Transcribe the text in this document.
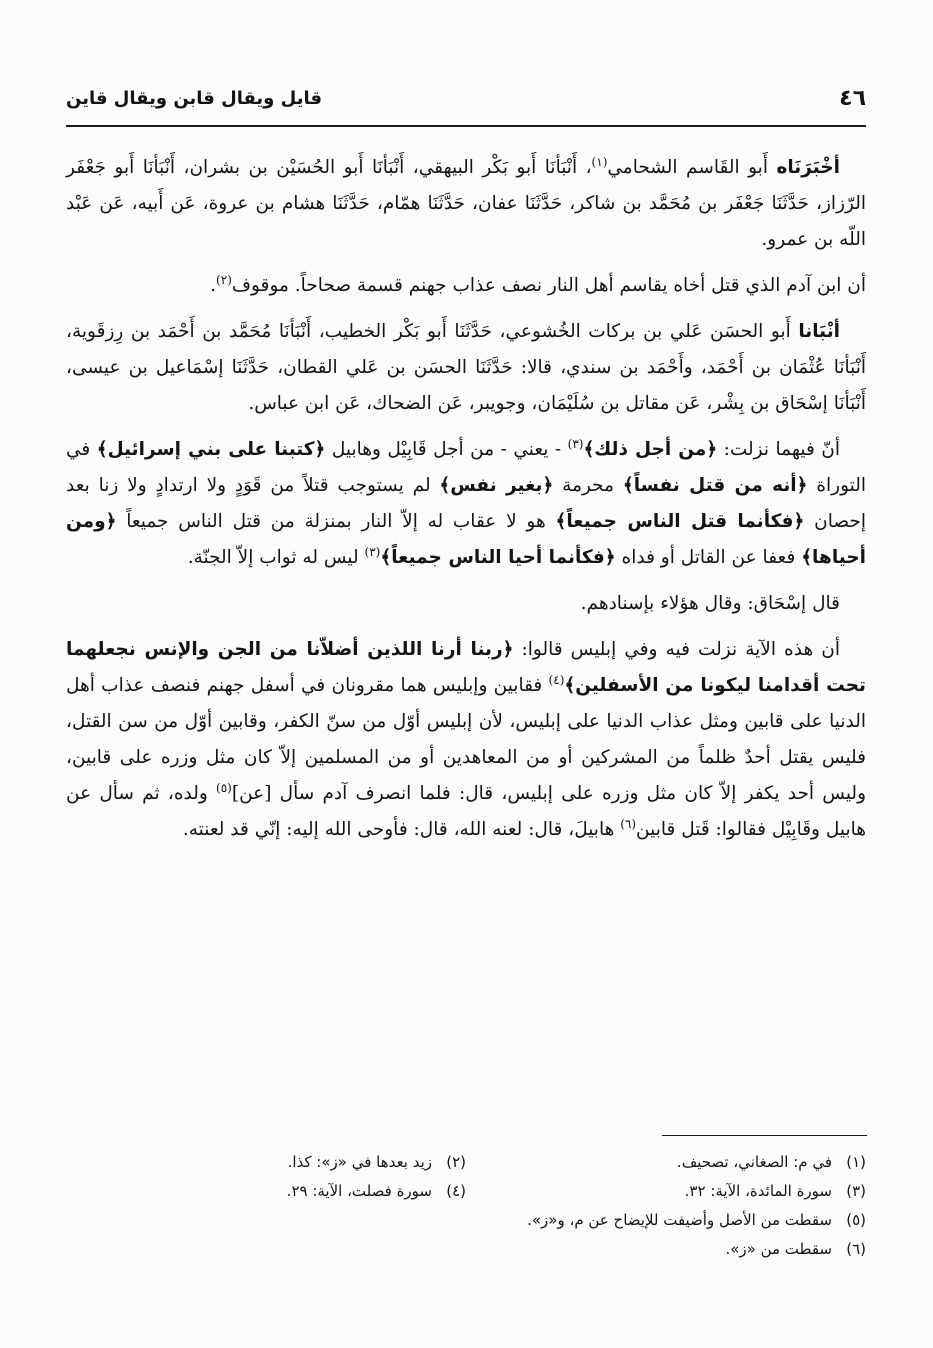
٤٦
قايل ويقال قابن ويقال قاين

أخْبَرَنَاه أَبو القَاسم الشحامي$^{(١)}$، أَنْبَأنَا أَبو بَكْر البيهقي، أَنْبَأنَا أَبو الحُسَيْن بن بشران، أَنْبَأنَا أَبو جَعْفَر الرّزاز، حَدَّثَنَا جَعْفَر بن مُحَمَّد بن شاكر، حَدَّثَنَا عفان، حَدَّثَنَا همّام، حَدَّثَنَا هشام بن عروة، عَن أَبيه، عَن عَبْد اللّه بن عمرو.

أن ابن آدم الذي قتل أخاه يقاسم أهل النار نصف عذاب جهنم قسمة صحاحاً. موقوف$^{(٢)}$.

أنْبَانا أَبو الحسَن عَلي بن بركات الخُشوعي، حَدَّثَنَا أَبو بَكْر الخطيب، أَنْبَأنَا مُحَمَّد بن أَحْمَد بن رِزقَوية، أَنْبَأنَا عُثْمَان بن أَحْمَد، وأَحْمَد بن سندي، قالا: حَدَّثَنَا الحسَن بن عَلي القطان، حَدَّثَنَا إسْمَاعيل بن عيسى، أَنْبَأنَا إسْحَاق بن بِشْر، عَن مقاتل بن سُلَيْمَان، وجويبر، عَن الضحاك، عَن ابن عباس.

أنّ فيهما نزلت: ﴿من أجل ذلك﴾$^{(٣)}$ - يعني - من أجل قَابِيْل وهابيل ﴿كتبنا على بني إسرائيل﴾ في التوراة ﴿أنه من قتل نفساً﴾ محرمة ﴿بغير نفس﴾ لم يستوجب قتلاً من قَوَدٍ ولا ارتدادٍ ولا زنا بعد إحصان ﴿فكأنما قتل الناس جميعاً﴾ هو لا عقاب له إلاّ النار بمنزلة من قتل الناس جميعاً ﴿ومن أحياها﴾ فعفا عن القاتل أو فداه ﴿فكأنما أحيا الناس جميعاً﴾$^{(٣)}$ ليس له ثواب إلاّ الجنّة.

قال إسْحَاق: وقال هؤلاء بإسنادهم.

أن هذه الآية نزلت فيه وفي إبليس قالوا: ﴿ربنا أرنا اللذين أضلاّنا من الجن والإنس نجعلهما تحت أقدامنا ليكونا من الأسفلين﴾$^{(٤)}$ فقابين وإبليس هما مقرونان في أسفل جهنم فنصف عذاب أهل الدنيا على قابين ومثل عذاب الدنيا على إبليس، لأن إبليس أوّل من سنّ الكفر، وقابين أوّل من سن القتل، فليس يقتل أحدٌ ظلماً من المشركين أو من المعاهدين أو من المسلمين إلاّ كان مثل وزره على قابين، وليس أحد يكفر إلاّ كان مثل وزره على إبليس، قال: فلما انصرف آدم سأل [عن]$^{(٥)}$ ولده، ثم سأل عن هابيل وقَابِيْل فقالوا: قَتل قابين$^{(٦)}$ هابيلَ، قال: لعنه الله، قال: فأوحى الله إليه: إنّي قد لعنته.

(١)في م: الصغاني، تصحيف.
(٢)زيد بعدها في «ز»: كذا.
(٣)سورة المائدة، الآية: ٣٢.
(٤)سورة فصلت، الآية: ٢٩.
(٥)سقطت من الأصل وأضيفت للإيضاح عن م، و«ز».
(٦)سقطت من «ز».
